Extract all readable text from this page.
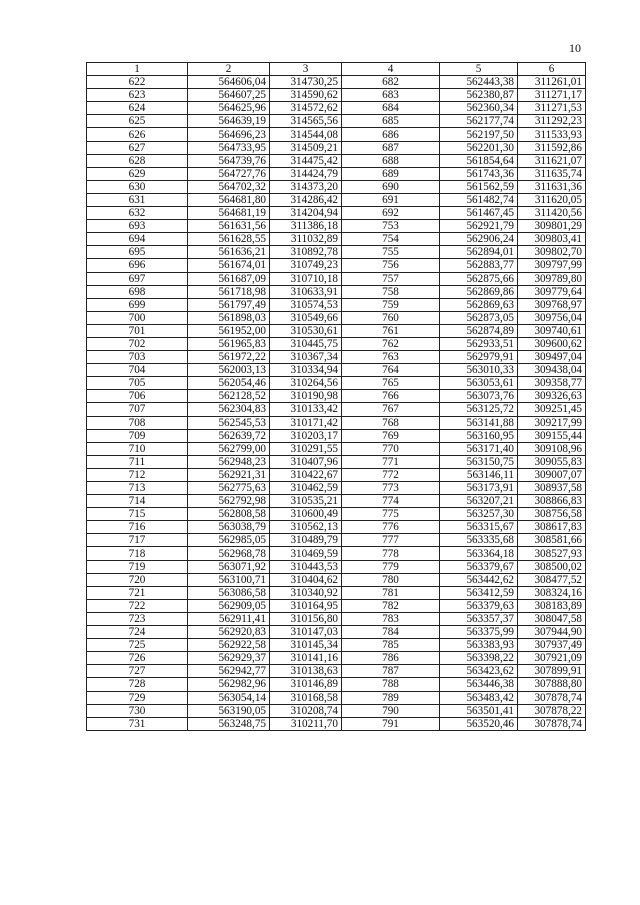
10
1	2	3	4	5	6
622	564606,04	314730,25	682	562443,38	311261,01
623	564607,25	314590,62	683	562380,87	311271,17
624	564625,96	314572,62	684	562360,34	311271,53
625	564639,19	314565,56	685	562177,74	311292,23
626	564696,23	314544,08	686	562197,50	311533,93
627	564733,95	314509,21	687	562201,30	311592,86
628	564739,76	314475,42	688	561854,64	311621,07
629	564727,76	314424,79	689	561743,36	311635,74
630	564702,32	314373,20	690	561562,59	311631,36
631	564681,80	314286,42	691	561482,74	311620,05
632	564681,19	314204,94	692	561467,45	311420,56
693	561631,56	311386,18	753	562921,79	309801,29
694	561628,55	311032,89	754	562906,24	309803,41
695	561636,21	310892,78	755	562894,01	309802,70
696	561674,01	310749,23	756	562883,77	309797,99
697	561687,09	310710,18	757	562875,66	309789,80
698	561718,98	310633,91	758	562869,86	309779,64
699	561797,49	310574,53	759	562869,63	309768,97
700	561898,03	310549,66	760	562873,05	309756,04
701	561952,00	310530,61	761	562874,89	309740,61
702	561965,83	310445,75	762	562933,51	309600,62
703	561972,22	310367,34	763	562979,91	309497,04
704	562003,13	310334,94	764	563010,33	309438,04
705	562054,46	310264,56	765	563053,61	309358,77
706	562128,52	310190,98	766	563073,76	309326,63
707	562304,83	310133,42	767	563125,72	309251,45
708	562545,53	310171,42	768	563141,88	309217,99
709	562639,72	310203,17	769	563160,95	309155,44
710	562799,00	310291,55	770	563171,40	309108,96
711	562948,23	310407,96	771	563150,75	309055,83
712	562921,31	310422,67	772	563146,11	309007,07
713	562775,63	310462,59	773	563173,91	308937,58
714	562792,98	310535,21	774	563207,21	308866,83
715	562808,58	310600,49	775	563257,30	308756,58
716	563038,79	310562,13	776	563315,67	308617,83
717	562985,05	310489,79	777	563335,68	308581,66
718	562968,78	310469,59	778	563364,18	308527,93
719	563071,92	310443,53	779	563379,67	308500,02
720	563100,71	310404,62	780	563442,62	308477,52
721	563086,58	310340,92	781	563412,59	308324,16
722	562909,05	310164,95	782	563379,63	308183,89
723	562911,41	310156,80	783	563357,37	308047,58
724	562920,83	310147,03	784	563375,99	307944,90
725	562922,58	310145,34	785	563383,93	307937,49
726	562929,37	310141,16	786	563398,22	307921,09
727	562942,77	310138,63	787	563423,62	307899,91
728	562982,96	310146,89	788	563446,38	307888,80
729	563054,14	310168,58	789	563483,42	307878,74
730	563190,05	310208,74	790	563501,41	307878,22
731	563248,75	310211,70	791	563520,46	307878,74
